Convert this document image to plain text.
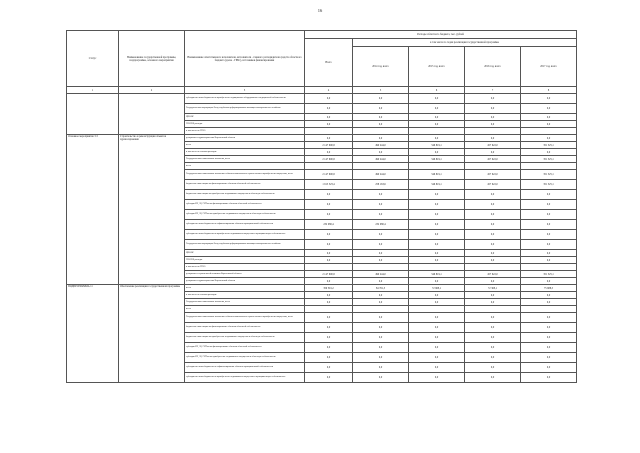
16
Статус	Наименование государственной программы, подпрограммы, основного мероприятия	Наименование ответственного исполнителя, исполнителя - главного распорядителя средств областного бюджета (далее - ГРБС), источников финансирования	Расходы областного бюджета, тыс. рублей				
			Всего	в том числе по годам реализации государственной программы			
				2014 год, всего	2015 год, всего	2016 год, всего	2017 год, всего
1	2	3	4	5	6	7	8
		субсидии местным бюджетам на приобретение медицинского оборудования и медицинской собственности	0,0	0,0	0,0	0,0	0,0
		Государственная корпорация Фонд содействия реформированию жилищно-коммунального хозяйства	0,0	0,0	0,0	0,0	0,0
		ЦНФОР	0,0	0,0	0,0	0,0	0,0
		ГРОНЗЕ расходы	0,0	0,0	0,0	0,0	0,0
		в том числе по ГРБС:					
Основное мероприятие 3.3	Строительство и реконструкция объектов здравоохранения	департамент здравоохранения Воронежской области	0,0	0,0	0,0	0,0	0,0
		всего	2 147 600,8	490 244,0	546 819,1	457 622,0	351 325,1
		в том числе по статьям расходов:	0,0	0,0	0,0	0,0	0,0
		Государственные капитальные вложения, всего	2 147 600,8	490 244,0	546 819,1	457 622,0	351 325,1
		всего					
		Государственные капитальные вложения в объекты капитального строительства и приобретение имущества, всего	2 147 600,8	490 244,0	546 819,1	457 622,0	351 325,1
		бюджетные инвестиции на финансирование объектов областной собственности	1 915 323,4	258 163,6	546 819,1	457 622,0	351 325,1
		бюджетные инвестиции на приобретение недвижимого имущества в областную собственность	0,0	0,0	0,0	0,0	0,0
		субсидии КУ, АУ, ГУПам на финансирование объектов областной собственности	0,0	0,0	0,0	0,0	0,0
		субсидии КУ, АУ, ГУПам на приобретение недвижимого имущества в областную собственность	0,0	0,0	0,0	0,0	0,0
		субсидии местным бюджетам на софинансирование объектов муниципальной собственности	232 080,4	232 080,4	0,0	0,0	0,0
		субсидии местным бюджетам на приобретение недвижимого имущества в муниципальную собственность	0,0	0,0	0,0	0,0	0,0
		Государственная корпорация Фонд содействия реформированию жилищно-коммунального хозяйства	0,0	0,0	0,0	0,0	0,0
		ЦНФОР	0,0	0,0	0,0	0,0	0,0
		ГРОНЗЕ расходы	0,0	0,0	0,0	0,0	0,0
		в том числе по ГРБС:					
		департамент строительной политики Воронежской области	2 147 600,8	490 244,0	546 819,1	457 622,0	351 325,1
		департамент здравоохранения Воронежской области	0,0	0,0	0,0	0,0	0,0
ПОДПРОГРАММА 11	Обеспечение реализации государственной программы	всего	359 391,2	84 761,3	72 908,1	72 308,1	75 688,5
		в том числе по статьям расходов:	0,0	0,0	0,0	0,0	0,0
		Государственные капитальные вложения, всего	0,0	0,0	0,0	0,0	0,0
		всего					
		Государственные капитальные вложения в объекты капитального строительства и приобретение имущества, всего	0,0	0,0	0,0	0,0	0,0
		бюджетные инвестиции на финансирование объектов областной собственности	0,0	0,0	0,0	0,0	0,0
		бюджетные инвестиции на приобретение недвижимого имущества в областную собственность	0,0	0,0	0,0	0,0	0,0
		субсидии КУ, АУ, ГУПам на финансирование объектов областной собственности	0,0	0,0	0,0	0,0	0,0
		субсидии КУ, АУ, ГУПам на приобретение недвижимого имущества в областную собственность	0,0	0,0	0,0	0,0	0,0
		субсидии местным бюджетам на софинансирование объектов муниципальной собственности	0,0	0,0	0,0	0,0	0,0
		субсидии местным бюджетам на приобретение недвижимого имущества в муниципальную собственность	0,0	0,0	0,0	0,0	0,0
